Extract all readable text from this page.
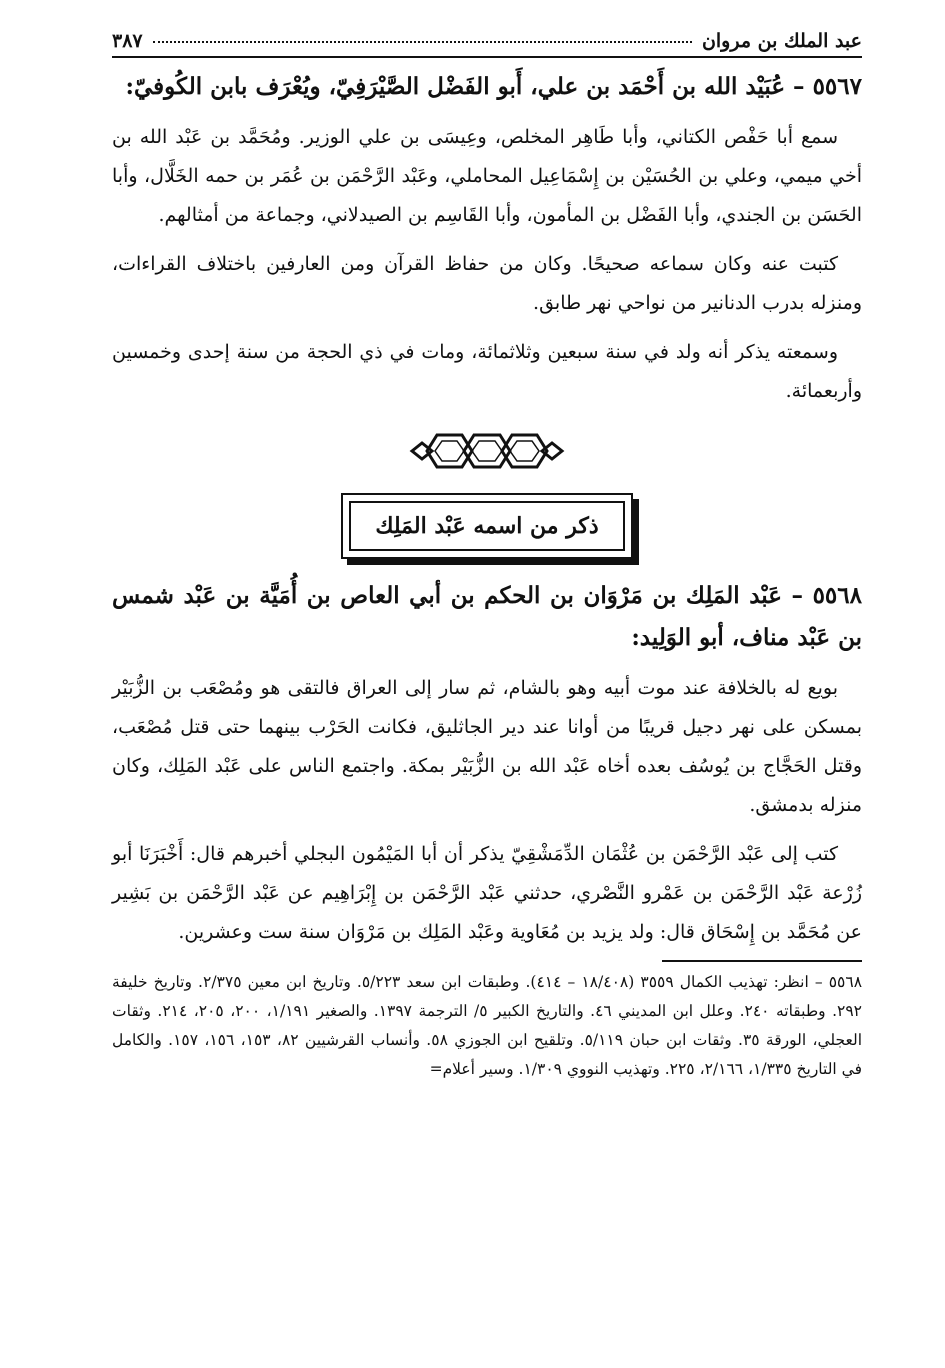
عبد الملك بن مروان
٣٨٧
٥٥٦٧ – عُبَيْد الله بن أَحْمَد بن علي، أَبو الفَضْل الصَّيْرَفِيّ، ويُعْرَف بابن الكُوفيّ:

سمع أبا حَفْص الكتاني، وأبا طَاهِر المخلص، وعِيسَى بن علي الوزير. ومُحَمَّد بن عَبْد الله بن أخي ميمي، وعلي بن الحُسَيْن بن إِسْمَاعِيل المحاملي، وعَبْد الرَّحْمَن بن عُمَر بن حمه الخَلَّال، وأبا الحَسَن بن الجندي، وأبا الفَضْل بن المأمون، وأبا القَاسِم بن الصيدلاني، وجماعة من أمثالهم.

كتبت عنه وكان سماعه صحيحًا. وكان من حفاظ القرآن ومن العارفين باختلاف القراءات، ومنزله بدرب الدنانير من نواحي نهر طابق.

وسمعته يذكر أنه ولد في سنة سبعين وثلاثمائة، ومات في ذي الحجة من سنة إحدى وخمسين وأربعمائة.

ذكر من اسمه عَبْد المَلِك
٥٥٦٨ – عَبْد المَلِك بن مَرْوَان بن الحكم بن أبي العاص بن أُمَيَّة بن عَبْد شمس بن عَبْد مناف، أبو الوَلِيد:

بويع له بالخلافة عند موت أبيه وهو بالشام، ثم سار إلى العراق فالتقى هو ومُصْعَب بن الزُّبَيْر بمسكن على نهر دجيل قريبًا من أوانا عند دير الجاثليق، فكانت الحَرْب بينهما حتى قتل مُصْعَب، وقتل الحَجَّاج بن يُوسُف بعده أخاه عَبْد الله بن الزُّبَيْر بمكة. واجتمع الناس على عَبْد المَلِك، وكان منزله بدمشق.

كتب إلى عَبْد الرَّحْمَن بن عُثْمَان الدِّمَشْقِيّ يذكر أن أبا المَيْمُون البجلي أخبرهم قال: أَخْبَرَنَا أبو زُرْعة عَبْد الرَّحْمَن بن عَمْرو النَّصْري، حدثني عَبْد الرَّحْمَن بن إِبْرَاهِيم عن عَبْد الرَّحْمَن بن بَشِير عن مُحَمَّد بن إِسْحَاق قال: ولد يزيد بن مُعَاوية وعَبْد المَلِك بن مَرْوَان سنة ست وعشرين.

٥٥٦٨ – انظر: تهذيب الكمال ٣٥٥٩ (١٨/٤٠٨ – ٤١٤). وطبقات ابن سعد ٥/٢٢٣. وتاريخ ابن معين ٢/٣٧٥. وتاريخ خليفة ٢٩٢. وطبقاته ٢٤٠. وعلل ابن المديني ٤٦. والتاريخ الكبير ٥/ الترجمة ١٣٩٧. والصغير ١/١٩١، ٢٠٠، ٢٠٥، ٢١٤. وثقات العجلي، الورقة ٣٥. وثقات ابن حبان ٥/١١٩. وتلقيح ابن الجوزي ٥٨. وأنساب القرشيين ٨٢، ١٥٣، ١٥٦، ١٥٧. والكامل في التاريخ ١/٣٣٥، ٢/١٦٦، ٢٢٥. وتهذيب النووي ١/٣٠٩. وسير أعلام=
